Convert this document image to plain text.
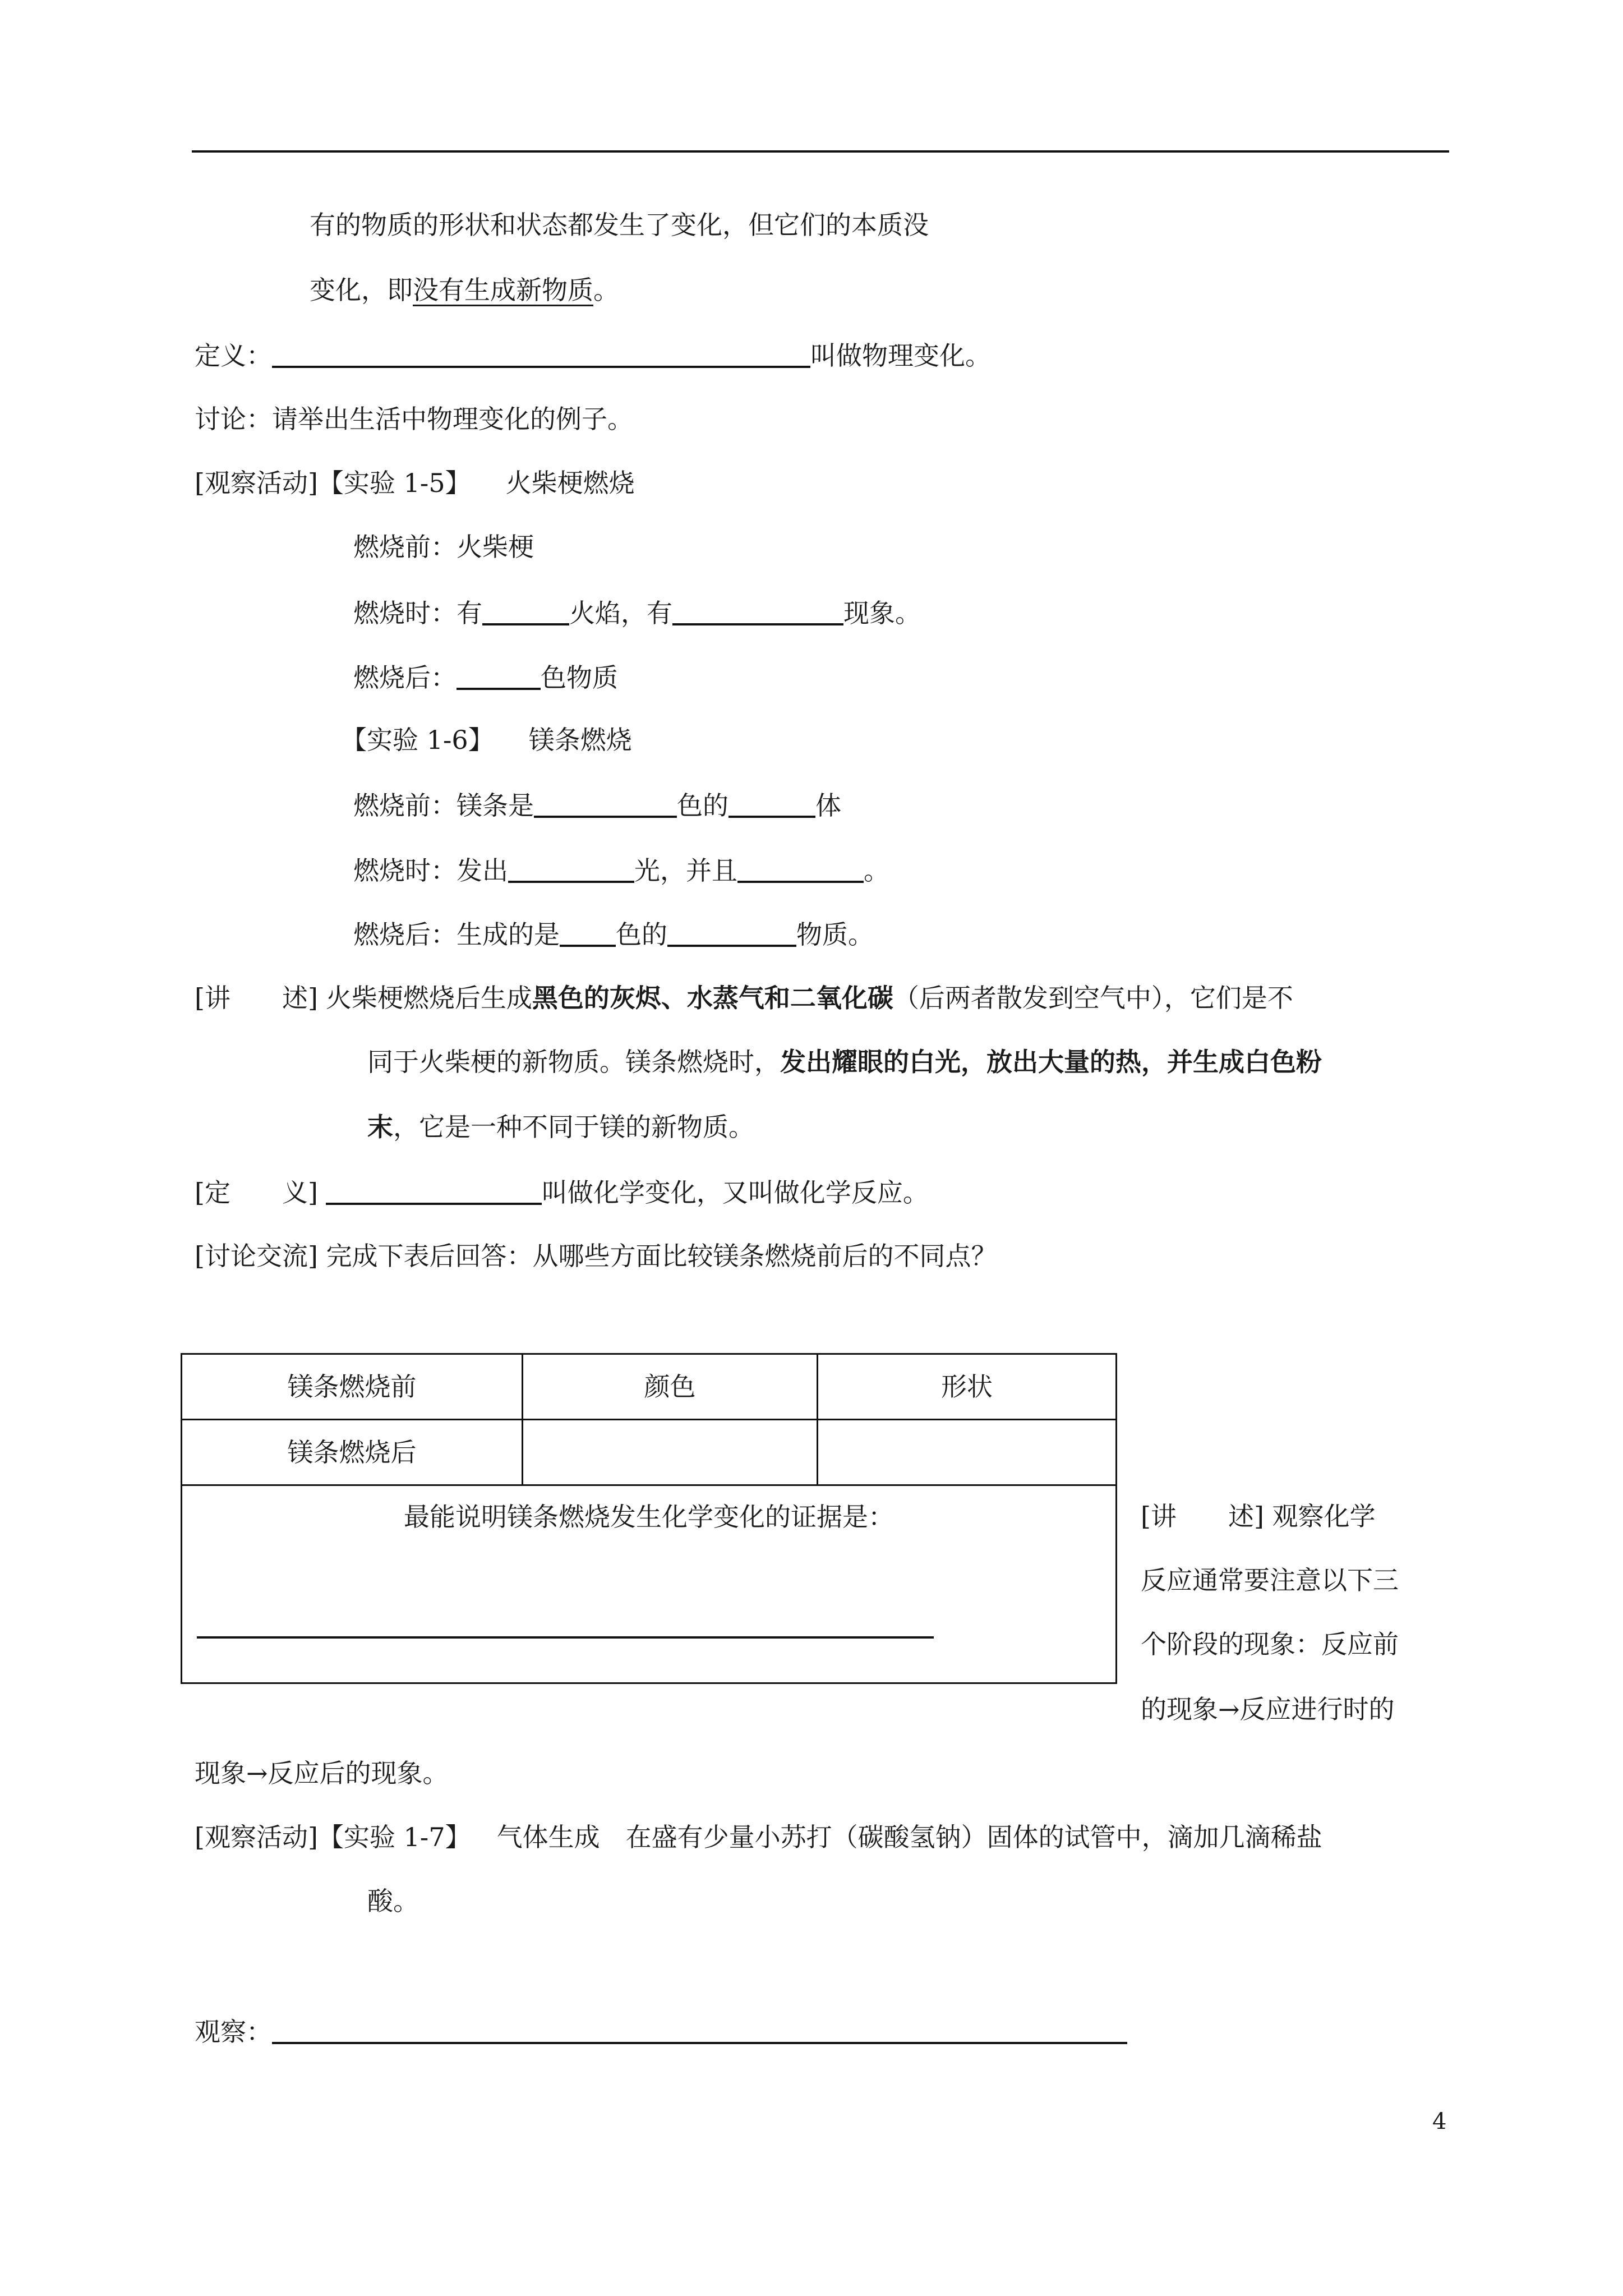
有的物质的形状和状态都发生了变化，但它们的本质没
变化，即没有生成新物质。
定义：	叫做物理变化。
讨论：请举出生活中物理变化的例子。
[观察活动]【实验 1-5】 火柴梗燃烧
燃烧前：火柴梗
燃烧时：有	火焰，有	现象。
燃烧后：	色物质
【实验 1-6】 镁条燃烧
燃烧前：镁条是	色的	体
燃烧时：发出	光，并且	。
燃烧后：生成的是 色的	物质。
[讲　　述] 火柴梗燃烧后生成黑色的灰烬、水蒸气和二氧化碳（后两者散发到空气中），它们是不
同于火柴梗的新物质。镁条燃烧时，发出耀眼的白光，放出大量的热，并生成白色粉
末，它是一种不同于镁的新物质。
[定　　义]	叫做化学变化，又叫做化学反应。
[讨论交流] 完成下表后回答：从哪些方面比较镁条燃烧前后的不同点？
镁条燃烧前	颜色	形状
镁条燃烧后		

最能说明镁条燃烧发生化学变化的证据是：			[讲　　述] 观察化学
反应通常要注意以下三
个阶段的现象：反应前
的现象→反应进行时的
现象→反应后的现象。
[观察活动]【实验 1-7】 气体生成 在盛有少量小苏打（碳酸氢钠）固体的试管中，滴加几滴稀盐
酸。
观察：
4
